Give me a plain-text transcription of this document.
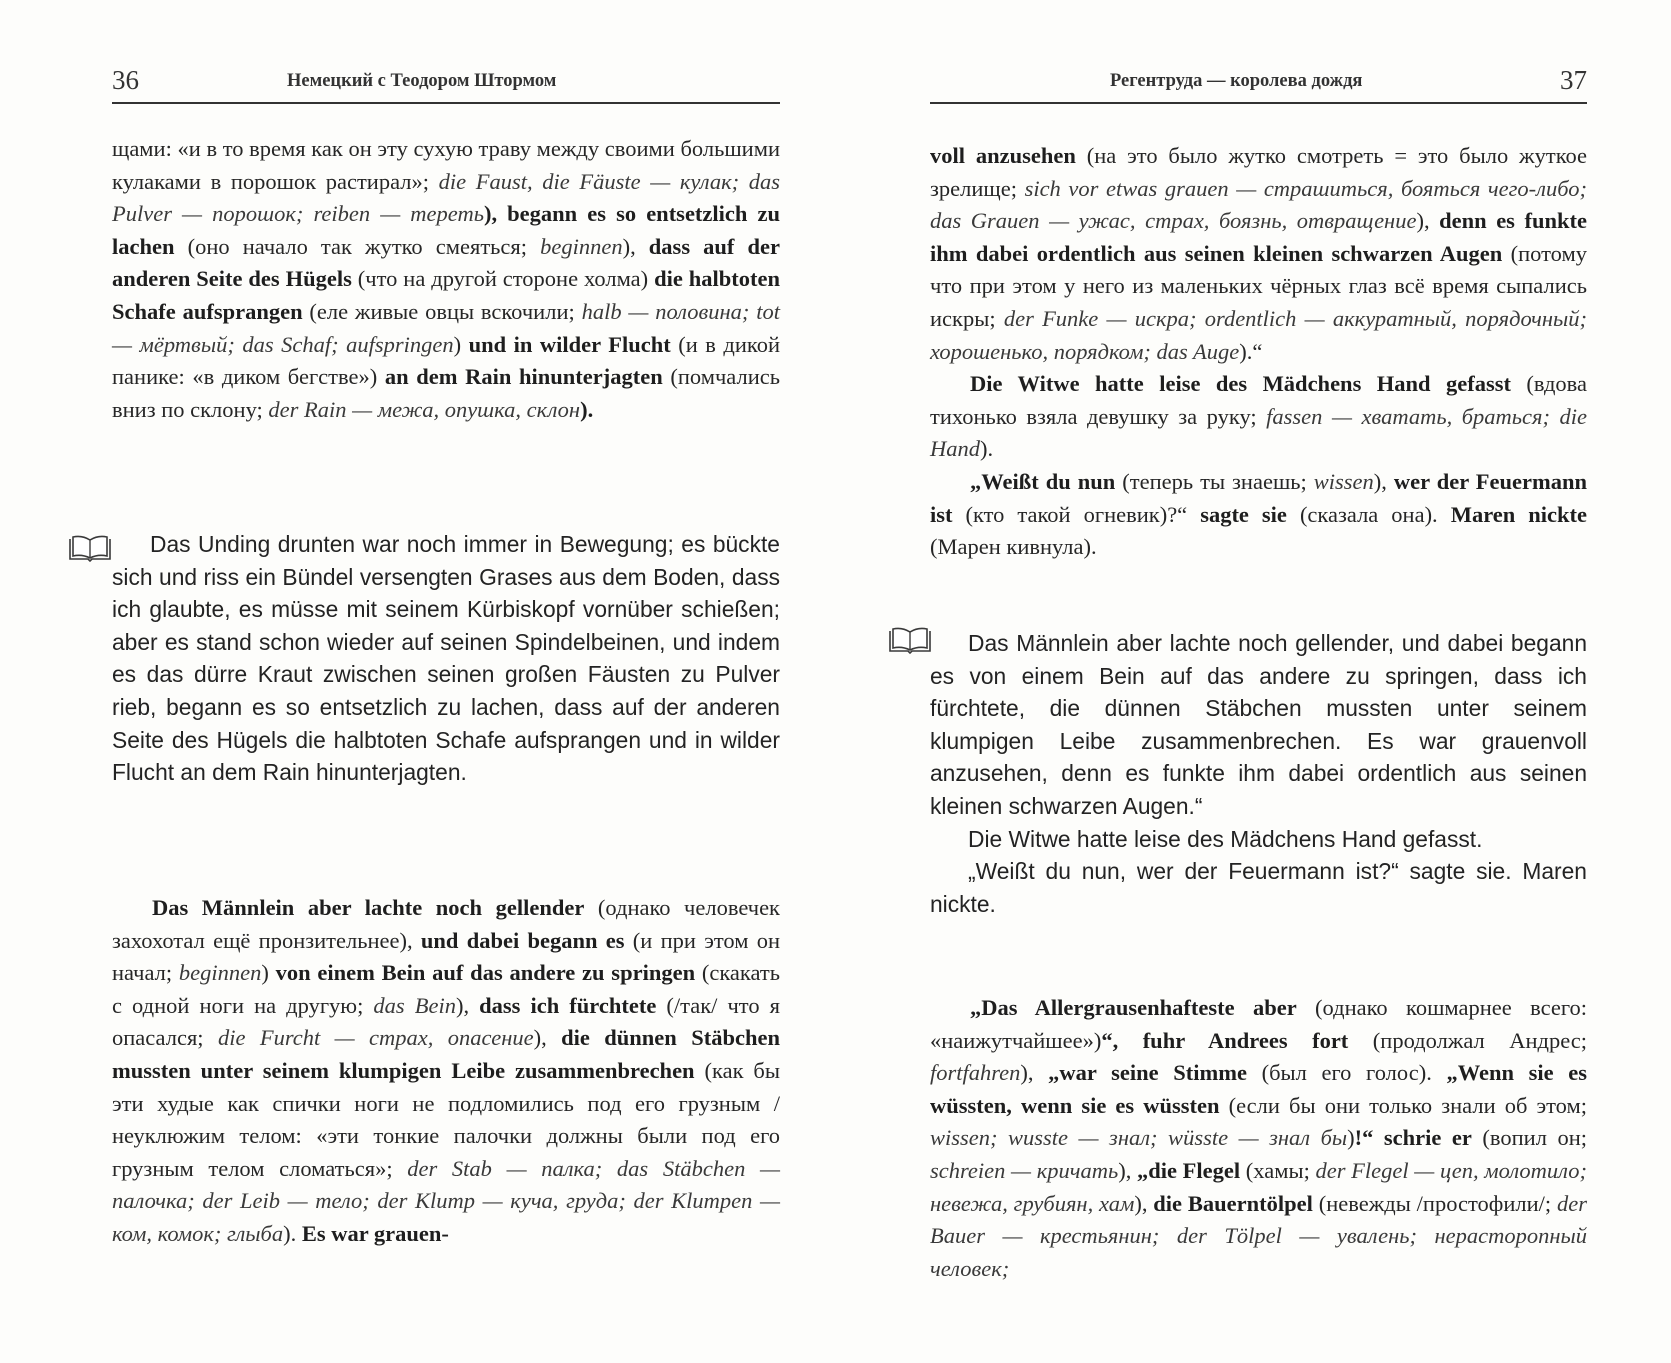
36	Немецкий с Теодором Штормом

щами: «и в то время как он эту сухую траву между своими большими кулаками в порошок растирал»; die Faust, die Fäuste — кулак; das Pulver — порошок; reiben — тереть), begann es so entsetzlich zu lachen (оно начало так жутко смеяться; beginnen), dass auf der anderen Seite des Hügels (что на другой стороне холма) die halbtoten Schafe aufsprangen (еле живые овцы вскочили; halb — половина; tot — мёртвый; das Schaf; aufspringen) und in wilder Flucht (и в дикой панике: «в диком бегстве») an dem Rain hinunterjagten (помчались вниз по склону; der Rain — межа, опушка, склон).

Das Unding drunten war noch immer in Bewegung; es bückte sich und riss ein Bündel versengten Grases aus dem Boden, dass ich glaubte, es müsse mit seinem Kürbiskopf vornüber schießen; aber es stand schon wieder auf seinen Spindelbeinen, und indem es das dürre Kraut zwischen seinen großen Fäusten zu Pulver rieb, begann es so entsetzlich zu lachen, dass auf der anderen Seite des Hügels die halbtoten Schafe aufsprangen und in wilder Flucht an dem Rain hinunterjagten.

Das Männlein aber lachte noch gellender (однако человечек захохотал ещё пронзительнее), und dabei begann es (и при этом он начал; beginnen) von einem Bein auf das andere zu springen (скакать с одной ноги на другую; das Bein), dass ich fürchtete (/так/ что я опасался; die Furcht — страх, опасение), die dünnen Stäbchen mussten unter seinem klumpigen Leibe zusammenbrechen (как бы эти худые как спички ноги не подломились под его грузным / неуклюжим телом: «эти тонкие палочки должны были под его грузным телом сломаться»; der Stab — палка; das Stäbchen — палочка; der Leib — тело; der Klump — куча, груда; der Klumpen — ком, комок; глыба). Es war grauen-

Регентруда — королева дождя	37

voll anzusehen (на это было жутко смотреть = это было жуткое зрелище; sich vor etwas grauen — страшиться, бояться чего-либо; das Grauen — ужас, страх, боязнь, отвращение), denn es funkte ihm dabei ordentlich aus seinen kleinen schwarzen Augen (потому что при этом у него из маленьких чёрных глаз всё время сыпались искры; der Funke — искра; ordentlich — аккуратный, порядочный; хорошенько, порядком; das Auge).“

Die Witwe hatte leise des Mädchens Hand gefasst (вдова тихонько взяла девушку за руку; fassen — хватать, браться; die Hand).

„Weißt du nun (теперь ты знаешь; wissen), wer der Feuermann ist (кто такой огневик)?“ sagte sie (сказала она). Maren nickte (Марен кивнула).

Das Männlein aber lachte noch gellender, und dabei begann es von einem Bein auf das andere zu springen, dass ich fürchtete, die dünnen Stäbchen mussten unter seinem klumpigen Leibe zusammenbrechen. Es war grauenvoll anzusehen, denn es funkte ihm dabei ordentlich aus seinen kleinen schwarzen Augen.“

Die Witwe hatte leise des Mädchens Hand gefasst.

„Weißt du nun, wer der Feuermann ist?“ sagte sie. Maren nickte.

„Das Allergrausenhafteste aber (однако кошмарнее всего: «наижутчайшее»)“, fuhr Andrees fort (продолжал Андрес; fortfahren), „war seine Stimme (был его голос). „Wenn sie es wüssten, wenn sie es wüssten (если бы они только знали об этом; wissen; wusste — знал; wüsste — знал бы)!“ schrie er (вопил он; schreien — кричать), „die Flegel (хамы; der Flegel — цеп, молотило; невежа, грубиян, хам), die Bauerntölpel (невежды /простофили/; der Bauer — крестьянин; der Tölpel — увалень; нерасторопный человек;
